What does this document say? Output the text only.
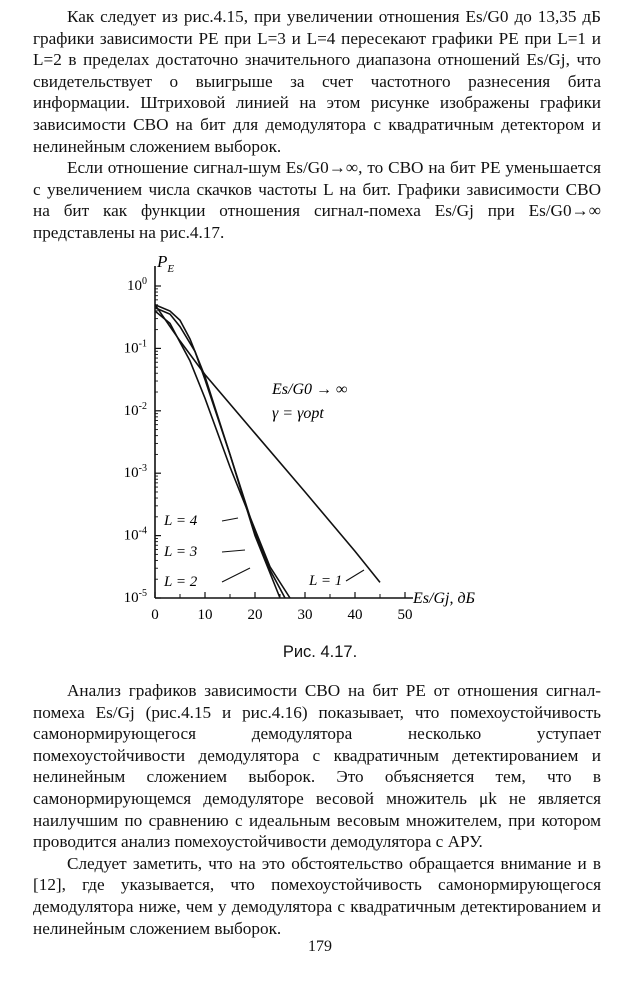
Как следует из рис.4.15, при увеличении отношения Es/G0 до 13,35 дБ графики зависимости PE при L=3 и L=4 пересекают графики PE при L=1 и L=2 в пределах достаточно значительного диапазона отношений Es/Gj, что свидетельствует о выигрыше за счет частотного разнесения бита информации. Штриховой линией на этом рисунке изображены графики зависимости СВО на бит для демодулятора с квадратичным детектором и нелинейным сложением выборок.

Если отношение сигнал-шум Es/G0→∞, то СВО на бит PE уменьшается с увеличением числа скачков частоты L на бит. Графики зависимости СВО на бит как функции отношения сигнал-помеха Es/Gj при Es/G0→∞ представлены на рис.4.17.

$10^0$
$10^{-1}$
$10^{-2}$
$10^{-3}$
$10^{-4}$
$10^{-5}$
0	10 20 30 40 50
$P_E$
Es/Gj, дБ
L = 1
L = 2
L = 3
L = 4
Es/G0 → ∞
γ = γopt
Рис. 4.17.

Анализ графиков зависимости СВО на бит PE от отношения сигнал-помеха Es/Gj (рис.4.15 и рис.4.16) показывает, что помехоустойчивость самонормирующегося демодулятора несколько уступает помехоустойчивости демодулятора с квадратичным детектированием и нелинейным сложением выборок. Это объясняется тем, что в самонормирующемся демодуляторе весовой множитель μk не является наилучшим по сравнению с идеальным весовым множителем, при котором проводится анализ помехоустойчивости демодулятора с АРУ.

Следует заметить, что на это обстоятельство обращается внимание и в [12], где указывается, что помехоустойчивость самонормирующегося демодулятора ниже, чем у демодулятора с квадратичным детектированием и нелинейным сложением выборок.

179
